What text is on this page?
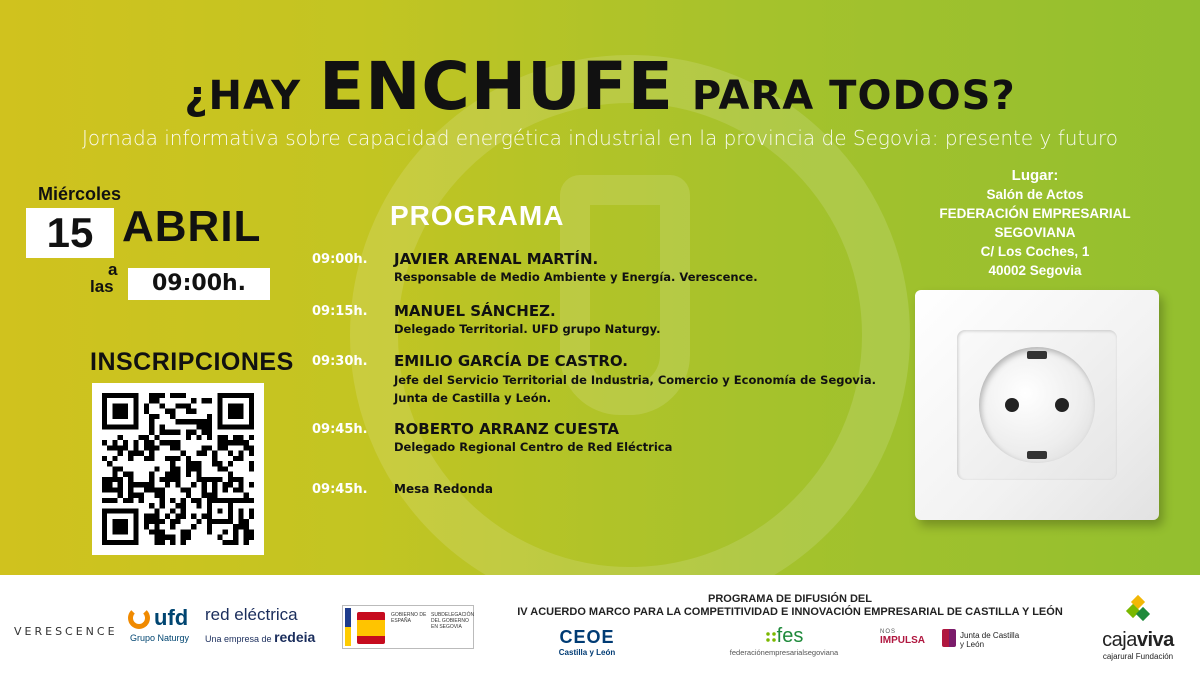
¿HAY ENCHUFE PARA TODOS?
Jornada informativa sobre capacidad energética industrial en la provincia de Segovia: presente y futuro
Miércoles
15 ABRIL
a
las	09:00h.
INSCRIPCIONES
PROGRAMA
09:00h. JAVIER ARENAL MARTÍN.
Responsable de Medio Ambiente y Energía. Verescence.
09:15h. MANUEL SÁNCHEZ.
Delegado Territorial. UFD grupo Naturgy.
09:30h. EMILIO GARCÍA DE CASTRO.
Jefe del Servicio Territorial de Industria, Comercio y Economía de Segovia.
Junta de Castilla y León.
09:45h. ROBERTO ARRANZ CUESTA
Delegado Regional Centro de Red Eléctrica
09:45h. Mesa Redonda
Lugar:
Salón de Actos
FEDERACIÓN EMPRESARIAL SEGOVIANA
C/ Los Coches, 1
40002 Segovia
VERESCENCE
ufd
Grupo Naturgy
red eléctrica
Una empresa de redeia
GOBIERNO DE ESPAÑA
SUBDELEGACIÓN DEL GOBIERNO EN SEGOVIA
PROGRAMA DE DIFUSIÓN DEL
IV ACUERDO MARCO PARA LA COMPETITIVIDAD E INNOVACIÓN EMPRESARIAL DE CASTILLA Y LEÓN
CEOE
Castilla y León
fes
federaciónempresarialsegoviana
NOS
IMPULSA	Junta de Castilla y León	cajaviva
cajarural Fundación
